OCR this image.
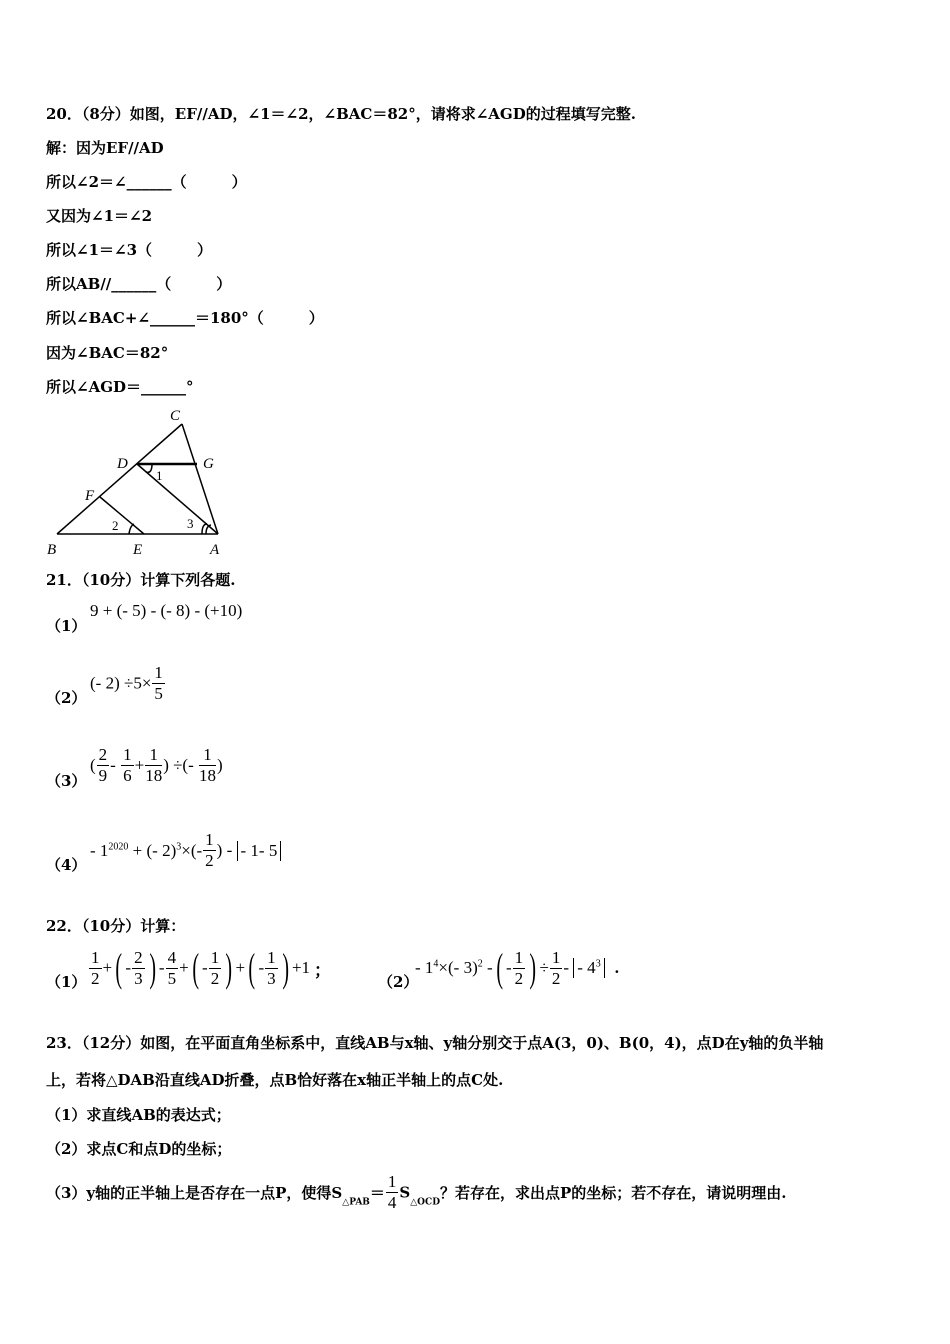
20．（8分）如图，EF//AD，∠1＝∠2，∠BAC＝82°，请将求∠AGD的过程填写完整.
解：因为EF//AD
所以∠2＝∠______（　　　）
又因为∠1＝∠2
所以∠1＝∠3（　　　）
所以AB//______（　　　）
所以∠BAC+∠______＝180°（　　　）
因为∠BAC＝82°
所以∠AGD＝______°
C
D	G
F
B	E	A
1
2	3
21．（10分）计算下列各题.
（1）
9 + (- 5) - (- 8) - (+10)
（2）
(- $2) \div 5\times \frac{1}{5}$
（3）
( $\frac{2}{9} - \frac{1}{6} + \frac{1}{18}$ ) ÷(- $\frac{1}{18}$ )
（4）
- $1^{2020}$ + (- $2)^3\times(- \frac{1}{2}$ ) - - 1- 5
22．（10分）计算：
$(1) \frac{1}{2}$ +( - $\frac{2}{3}$ ) - $\frac{4}{5}$ +( - $\frac{1}{2}$ ) +( - $\frac{1}{3}$ ) +1 ；
（2）
- $1^4\times(-$ 3)$^2$ -( - $\frac{1}{2}$ ) ÷ $\frac{1}{2}$ - - $4^3$ .
23．（12分）如图，在平面直角坐标系中，直线AB与x轴、y轴分别交于点A(3，0)、B(0，4)，点D在y轴的负半轴
上，若将△DAB沿直线AD折叠，点B恰好落在x轴正半轴上的点C处.
（1）求直线AB的表达式；
（2）求点C和点D的坐标；
（3）y轴的正半轴上是否存在一点P，使得$S_{\triangle PAB}= \frac{1}{4} S_{\triangle OCD}$？若存在，求出点P的坐标；若不存在，请说明理由.
